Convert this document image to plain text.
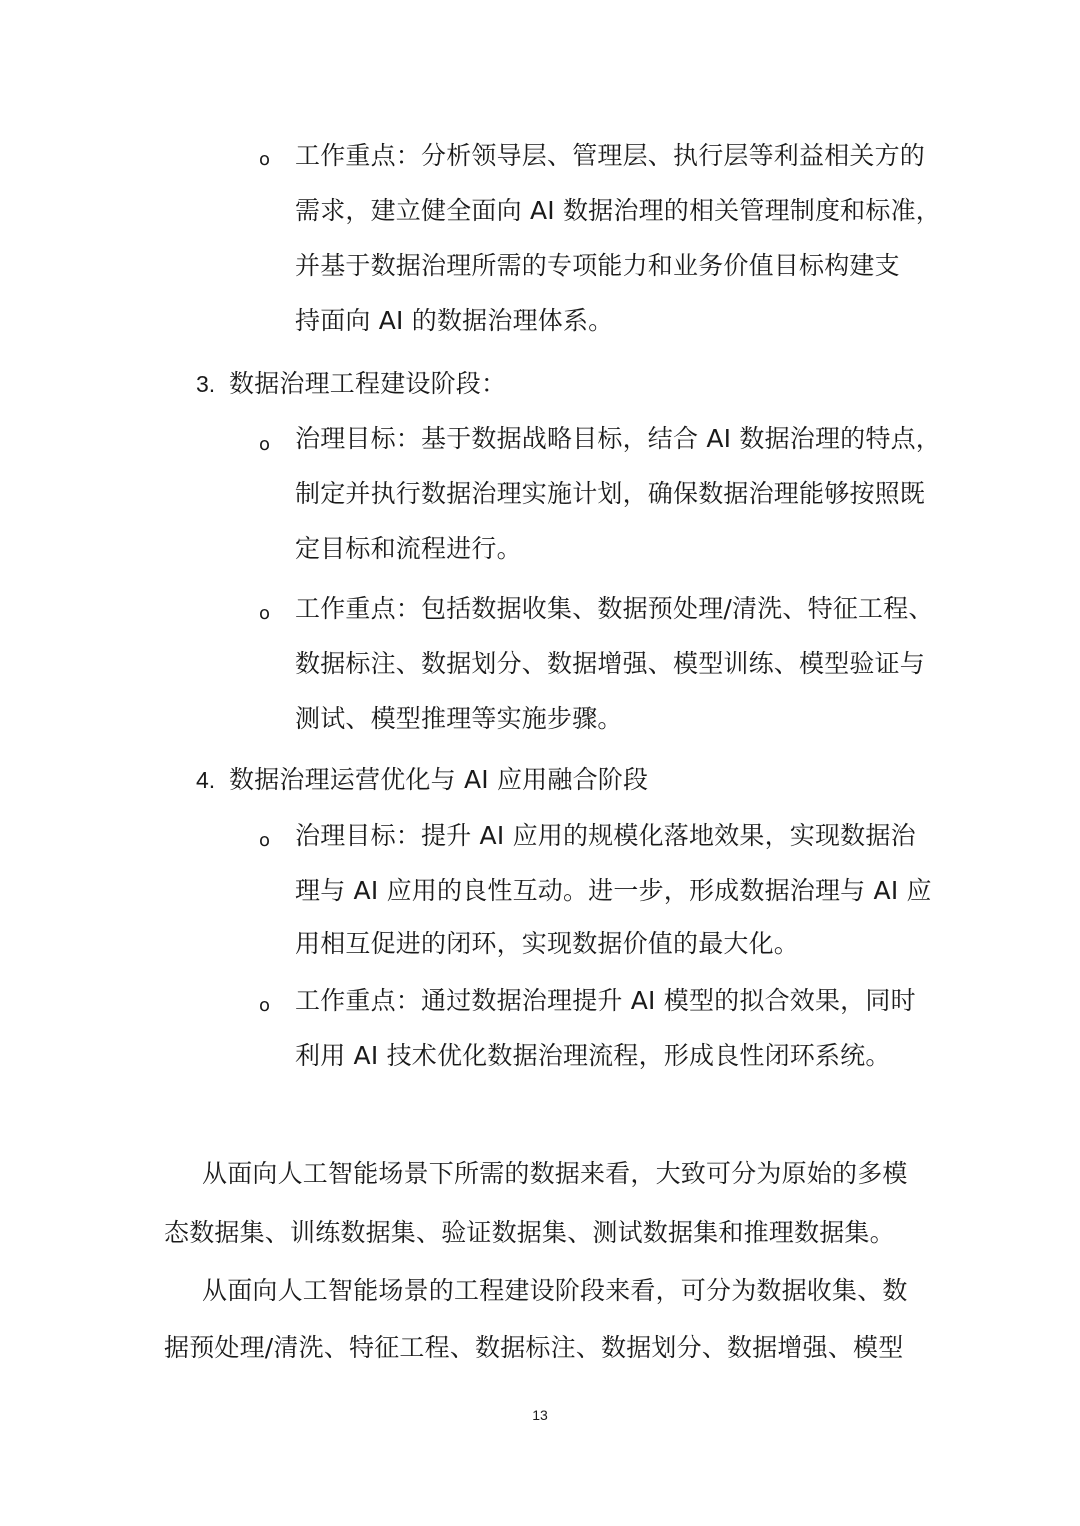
o 工作重点：分析领导层、管理层、执行层等利益相关方的
需求，建立健全面向 AI 数据治理的相关管理制度和标准，
并基于数据治理所需的专项能力和业务价值目标构建支
持面向 AI 的数据治理体系。
3. 数据治理工程建设阶段：
o 治理目标：基于数据战略目标，结合 AI 数据治理的特点，
制定并执行数据治理实施计划，确保数据治理能够按照既
定目标和流程进行。
o 工作重点：包括数据收集、数据预处理/清洗、特征工程、
数据标注、数据划分、数据增强、模型训练、模型验证与
测试、模型推理等实施步骤。
4. 数据治理运营优化与 AI 应用融合阶段
o 治理目标：提升 AI 应用的规模化落地效果，实现数据治
理与 AI 应用的良性互动。进一步，形成数据治理与 AI 应
用相互促进的闭环，实现数据价值的最大化。
o 工作重点：通过数据治理提升 AI 模型的拟合效果，同时
利用 AI 技术优化数据治理流程，形成良性闭环系统。
从面向人工智能场景下所需的数据来看，大致可分为原始的多模
态数据集、训练数据集、验证数据集、测试数据集和推理数据集。
从面向人工智能场景的工程建设阶段来看，可分为数据收集、数
据预处理/清洗、特征工程、数据标注、数据划分、数据增强、模型
13
